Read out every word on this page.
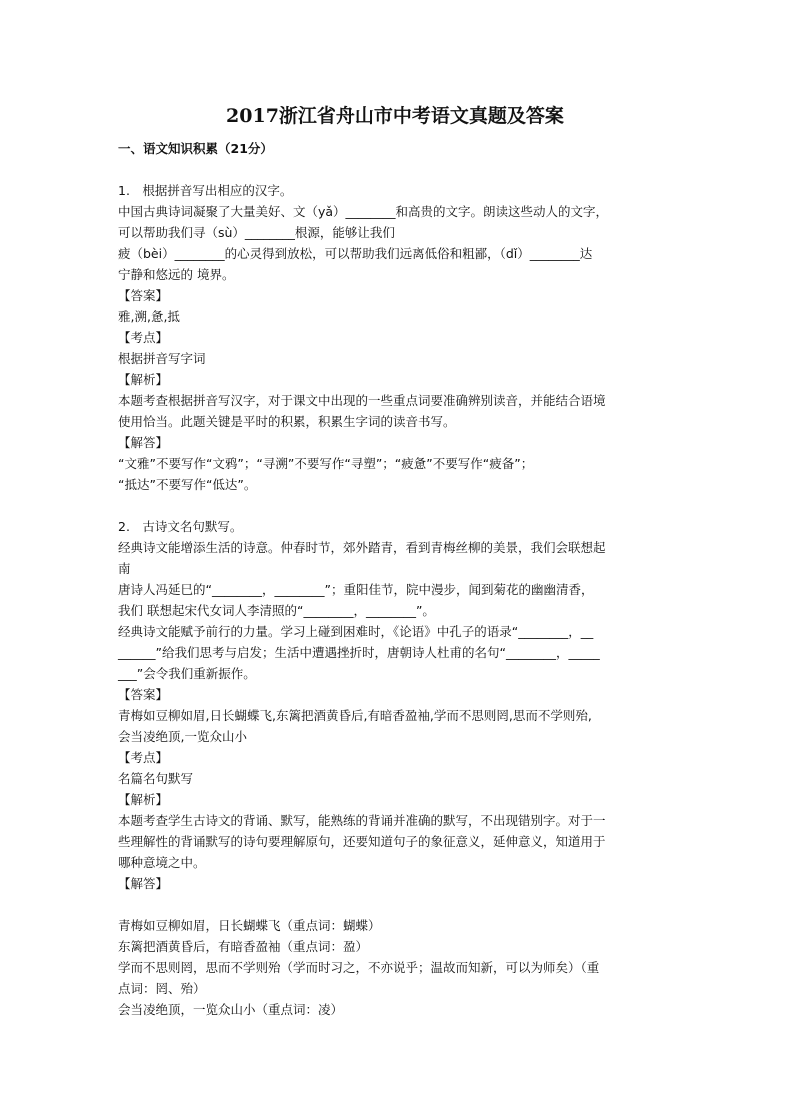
2017浙江省舟山市中考语文真题及答案
一、语文知识积累（21分）
1.　根据拼音写出相应的汉字。
中国古典诗词凝聚了大量美好、文（yǎ）________和高贵的文字。朗读这些动人的文字，
可以帮助我们寻（sù）________根源，能够让我们
疲（bèi）________的心灵得到放松，可以帮助我们远离低俗和粗鄙，（dǐ）________达
宁静和悠远的 境界。
【答案】
雅,溯,惫,抵
【考点】
根据拼音写字词
【解析】
本题考查根据拼音写汉字，对于课文中出现的一些重点词要准确辨别读音，并能结合语境
使用恰当。此题关键是平时的积累，积累生字词的读音书写。
【解答】
“文雅”不要写作“文鸦”；“寻溯”不要写作“寻塑”；“疲惫”不要写作“疲备”；
“抵达”不要写作“低达”。
2.　古诗文名句默写。
经典诗文能增添生活的诗意。仲春时节，郊外踏青，看到青梅丝柳的美景，我们会联想起
南
唐诗人冯延巳的“________，________”；重阳佳节，院中漫步，闻到菊花的幽幽清香，
我们 联想起宋代女词人李清照的“________，________”。
经典诗文能赋予前行的力量。学习上碰到困难时，《论语》中孔子的语录“________，__
______”给我们思考与启发；生活中遭遇挫折时，唐朝诗人杜甫的名句“________，_____
___”会令我们重新振作。
【答案】
青梅如豆柳如眉,日长蝴蝶飞,东篱把酒黄昏后,有暗香盈袖,学而不思则罔,思而不学则殆,
会当凌绝顶,一览众山小
【考点】
名篇名句默写
【解析】
本题考查学生古诗文的背诵、默写，能熟练的背诵并准确的默写，不出现错别字。对于一
些理解性的背诵默写的诗句要理解原句，还要知道句子的象征意义，延伸意义，知道用于
哪种意境之中。
【解答】
青梅如豆柳如眉，日长蝴蝶飞（重点词：蝴蝶）
东篱把酒黄昏后，有暗香盈袖（重点词：盈）
学而不思则罔，思而不学则殆（学而时习之，不亦说乎；温故而知新，可以为师矣）（重
点词：罔、殆）
会当凌绝顶，一览众山小（重点词：凌）
